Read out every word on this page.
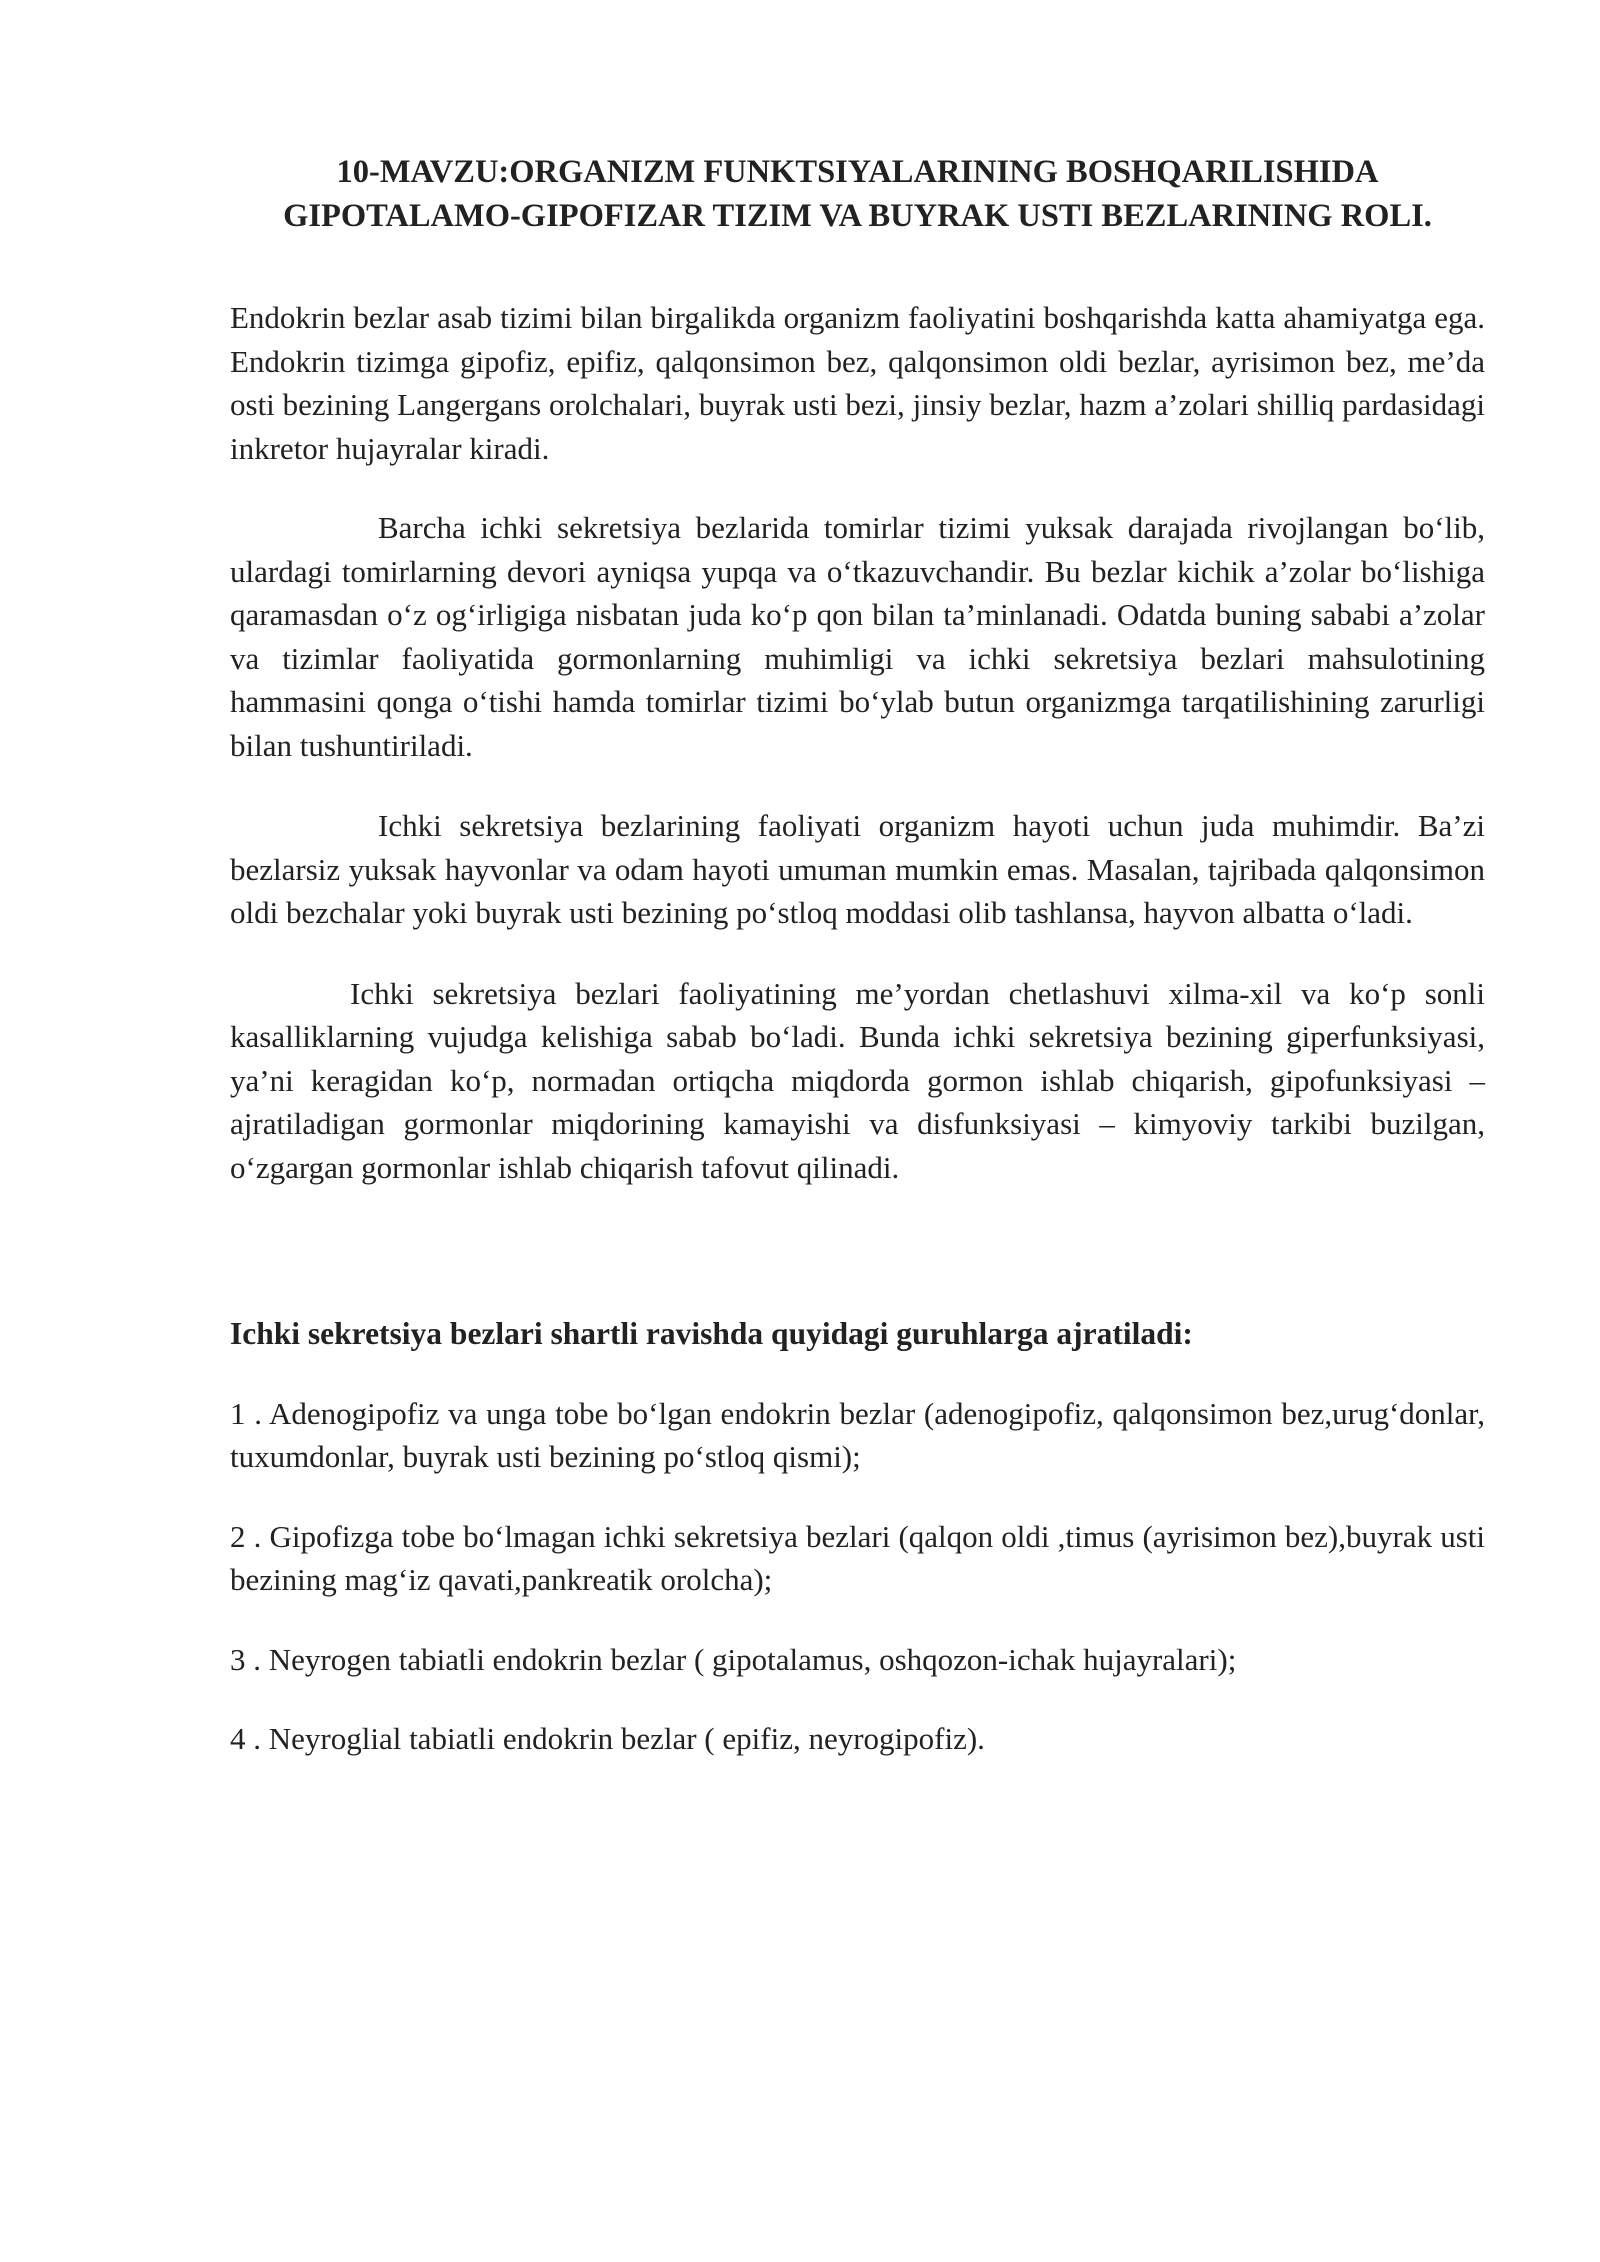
10-MAVZU:ORGANIZM FUNKTSIYALARINING BOSHQARILISHIDA GIPOTALAMO-GIPOFIZAR TIZIM VA BUYRAK USTI BEZLARINING ROLI.

Endokrin bezlar asab tizimi bilan birgalikda organizm faoliyatini boshqarishda katta ahamiyatga ega. Endokrin tizimga gipofiz, epifiz, qalqonsimon bez, qalqonsimon oldi bezlar, ayrisimon bez, me’da osti bezining Langergans orolchalari, buyrak usti bezi, jinsiy bezlar, hazm a’zolari shilliq pardasidagi inkretor hujayralar kiradi.

Barcha ichki sekretsiya bezlarida tomirlar tizimi yuksak darajada rivojlangan bo‘lib, ulardagi tomirlarning devori ayniqsa yupqa va o‘tkazuvchandir. Bu bezlar kichik a’zolar bo‘lishiga qaramasdan o‘z og‘irligiga nisbatan juda ko‘p qon bilan ta’minlanadi. Odatda buning sababi a’zolar va tizimlar faoliyatida gormonlarning muhimligi va ichki sekretsiya bezlari mahsulotining hammasini qonga o‘tishi hamda tomirlar tizimi bo‘ylab butun organizmga tarqatilishining zarurligi bilan tushuntiriladi.

Ichki sekretsiya bezlarining faoliyati organizm hayoti uchun juda muhimdir. Ba’zi bezlarsiz yuksak hayvonlar va odam hayoti umuman mumkin emas. Masalan, tajribada qalqonsimon oldi bezchalar yoki buyrak usti bezining po‘stloq moddasi olib tashlansa, hayvon albatta o‘ladi.

Ichki sekretsiya bezlari faoliyatining me’yordan chetlashuvi xilma-xil va ko‘p sonli kasalliklarning vujudga kelishiga sabab bo‘ladi. Bunda ichki sekretsiya bezining giperfunksiyasi, ya’ni keragidan ko‘p, normadan ortiqcha miqdorda gormon ishlab chiqarish, gipofunksiyasi – ajratiladigan gormonlar miqdorining kamayishi va disfunksiyasi – kimyoviy tarkibi buzilgan, o‘zgargan gormonlar ishlab chiqarish tafovut qilinadi.

Ichki sekretsiya bezlari shartli ravishda quyidagi guruhlarga ajratiladi:

1 . Adenogipofiz va unga tobe bo‘lgan endokrin bezlar (adenogipofiz, qalqonsimon bez,urug‘donlar, tuxumdonlar, buyrak usti bezining po‘stloq qismi);

2 . Gipofizga tobe bo‘lmagan ichki sekretsiya bezlari (qalqon oldi ,timus (ayrisimon bez),buyrak usti bezining mag‘iz qavati,pankreatik orolcha);

3 . Neyrogen tabiatli endokrin bezlar ( gipotalamus, oshqozon-ichak hujayralari);

4 . Neyroglial tabiatli endokrin bezlar ( epifiz, neyrogipofiz).
